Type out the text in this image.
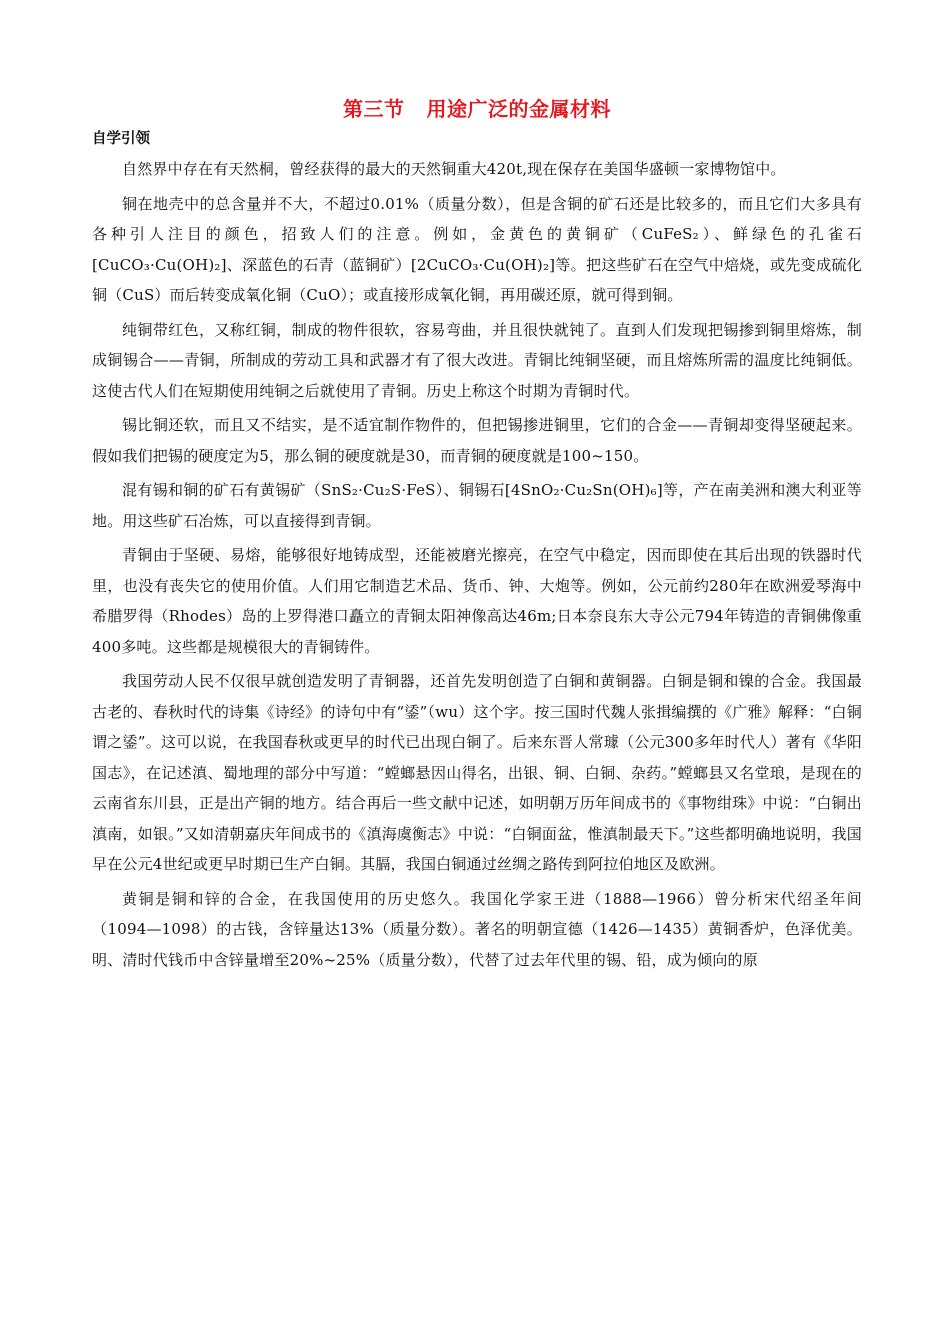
第三节 用途广泛的金属材料
自学引领

自然界中存在有天然桐，曾经获得的最大的天然铜重大420t,现在保存在美国华盛顿一家博物馆中。

铜在地壳中的总含量并不大，不超过0.01%（质量分数），但是含铜的矿石还是比较多的，而且它们大多具有各种引人注目的颜色，招致人们的注意。例如，金黄色的黄铜矿（CuFeS₂）、鲜绿色的孔雀石[CuCO₃·Cu(OH)₂]、深蓝色的石青（蓝铜矿）[2CuCO₃·Cu(OH)₂]等。把这些矿石在空气中焙烧，或先变成硫化铜（CuS）而后转变成氧化铜（CuO）；或直接形成氧化铜，再用碳还原，就可得到铜。

纯铜带红色，又称红铜，制成的物件很软，容易弯曲，并且很快就钝了。直到人们发现把锡掺到铜里熔炼，制成铜锡合——青铜，所制成的劳动工具和武器才有了很大改进。青铜比纯铜坚硬，而且熔炼所需的温度比纯铜低。这使古代人们在短期使用纯铜之后就使用了青铜。历史上称这个时期为青铜时代。

锡比铜还软，而且又不结实，是不适宜制作物件的，但把锡掺进铜里，它们的合金——青铜却变得坚硬起来。假如我们把锡的硬度定为5，那么铜的硬度就是30，而青铜的硬度就是100~150。

混有锡和铜的矿石有黄锡矿（SnS₂·Cu₂S·FeS）、铜锡石[4SnO₂·Cu₂Sn(OH)₆]等，产在南美洲和澳大利亚等地。用这些矿石冶炼，可以直接得到青铜。

青铜由于坚硬、易熔，能够很好地铸成型，还能被磨光擦亮，在空气中稳定，因而即使在其后出现的铁器时代里，也没有丧失它的使用价值。人们用它制造艺术品、货币、钟、大炮等。例如，公元前约280年在欧洲爱琴海中希腊罗得（Rhodes）岛的上罗得港口矗立的青铜太阳神像高达46m;日本奈良东大寺公元794年铸造的青铜佛像重400多吨。这些都是规模很大的青铜铸件。

我国劳动人民不仅很早就创造发明了青铜器，还首先发明创造了白铜和黄铜器。白铜是铜和镍的合金。我国最古老的、春秋时代的诗集《诗经》的诗句中有“鋈”（wu）这个字。按三国时代魏人张揖编撰的《广雅》解释：“白铜谓之鋈”。这可以说，在我国春秋或更早的时代已出现白铜了。后来东晋人常璩（公元300多年时代人）著有《华阳国志》，在记述滇、蜀地理的部分中写道：“螳螂悬因山得名，出银、铜、白铜、杂药。”螳螂县又名堂琅，是现在的云南省东川县，正是出产铜的地方。结合再后一些文献中记述，如明朝万历年间成书的《事物绀珠》中说：“白铜出滇南，如银。”又如清朝嘉庆年间成书的《滇海虞衡志》中说：“白铜面盆，惟滇制最天下。”这些都明确地说明，我国早在公元4世纪或更早时期已生产白铜。其膈，我国白铜通过丝绸之路传到阿拉伯地区及欧洲。

黄铜是铜和锌的合金，在我国使用的历史悠久。我国化学家王进（1888—1966）曾分析宋代绍圣年间（1094—1098）的古钱，含锌量达13%（质量分数）。著名的明朝宣德（1426—1435）黄铜香炉，色泽优美。明、清时代钱币中含锌量增至20%~25%（质量分数），代替了过去年代里的锡、铅，成为倾向的原
